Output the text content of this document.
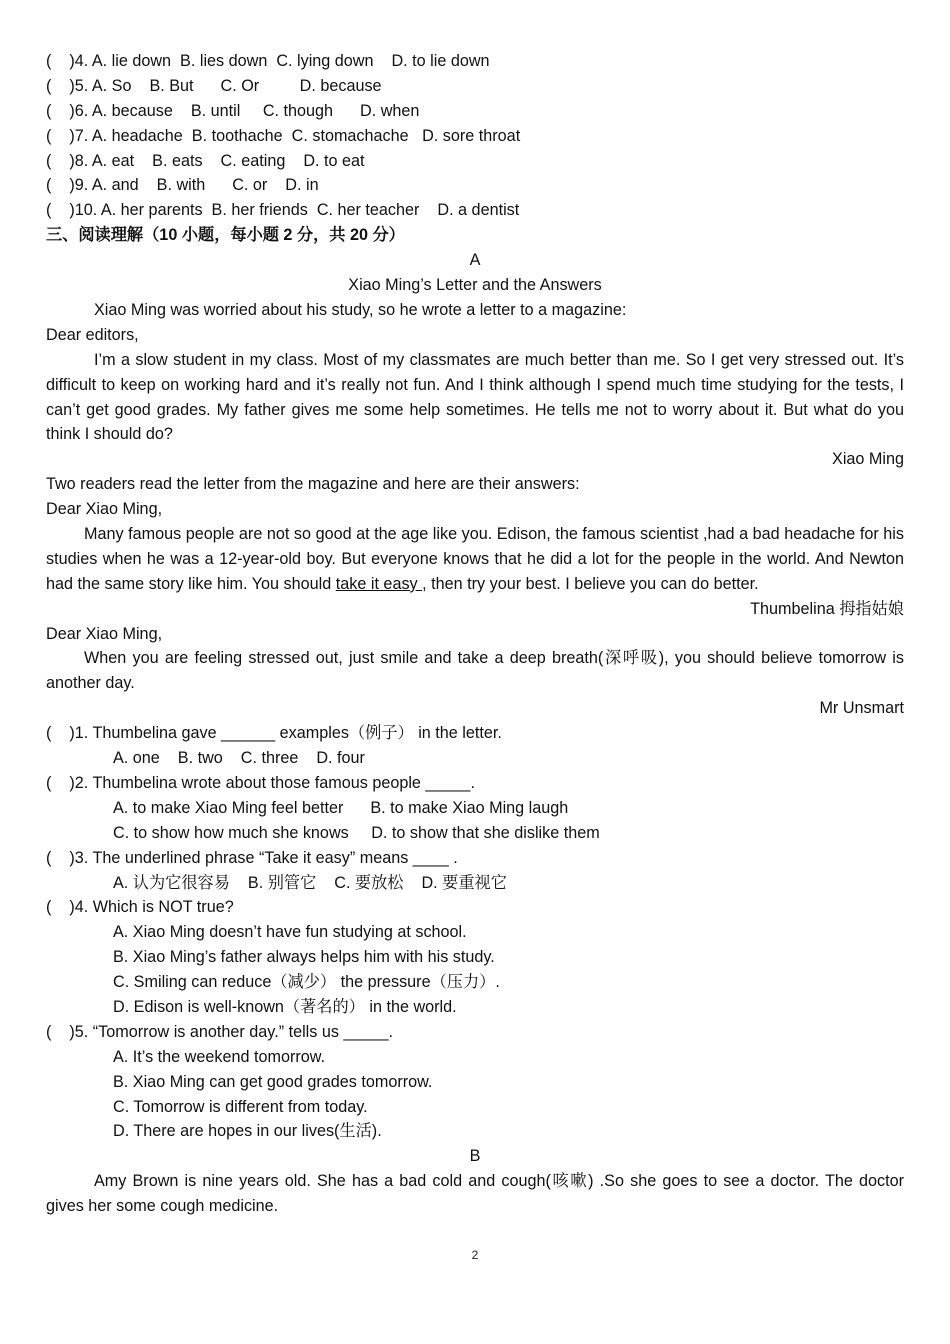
(    )4. A. lie down  B. lies down  C. lying down    D. to lie down
(    )5. A. So    B. But      C. Or         D. because
(    )6. A. because    B. until     C. though      D. when
(    )7. A. headache  B. toothache  C. stomachache   D. sore throat
(    )8. A. eat    B. eats    C. eating    D. to eat
(    )9. A. and    B. with      C. or    D. in
(    )10. A. her parents  B. her friends  C. her teacher    D. a dentist
三、阅读理解（10 小题，每小题 2 分，共 20 分）
A
Xiao Ming’s Letter and the Answers
Xiao Ming was worried about his study, so he wrote a letter to a magazine:
Dear editors,
I’m a slow student in my class. Most of my classmates are much better than me. So I get very stressed out. It’s difficult to keep on working hard and it’s really not fun. And I think although I spend much time studying for the tests, I can’t get good grades. My father gives me some help sometimes. He tells me not to worry about it. But what do you think I should do?
Xiao Ming
Two readers read the letter from the magazine and here are their answers:
Dear Xiao Ming,
Many famous people are not so good at the age like you. Edison, the famous scientist ,had a bad headache for his studies when he was a 12-year-old boy. But everyone knows that he did a lot for the people in the world. And Newton had the same story like him. You should take it easy , then try your best. I believe you can do better.
Thumbelina 拇指姑娘
Dear Xiao Ming,
When you are feeling stressed out, just smile and take a deep breath(深呼吸), you should believe tomorrow is another day.
Mr Unsmart
(    )1. Thumbelina gave ______ examples（例子） in the letter.
A. one    B. two    C. three    D. four
(    )2. Thumbelina wrote about those famous people _____.
A. to make Xiao Ming feel better      B. to make Xiao Ming laugh
C. to show how much she knows     D. to show that she dislike them
(    )3. The underlined phrase “Take it easy” means ____ .
A. 认为它很容易    B. 别管它    C. 要放松    D. 要重视它
(    )4. Which is NOT true?
A. Xiao Ming doesn’t have fun studying at school.
B. Xiao Ming’s father always helps him with his study.
C. Smiling can reduce（减少） the pressure（压力）.
D. Edison is well-known（著名的） in the world.
(    )5. “Tomorrow is another day.” tells us _____.
A. It’s the weekend tomorrow.
B. Xiao Ming can get good grades tomorrow.
C. Tomorrow is different from today.
D. There are hopes in our lives(生活).
B
Amy Brown is nine years old. She has a bad cold and cough(咳嗽) .So she goes to see a doctor. The doctor gives her some cough medicine.
2
